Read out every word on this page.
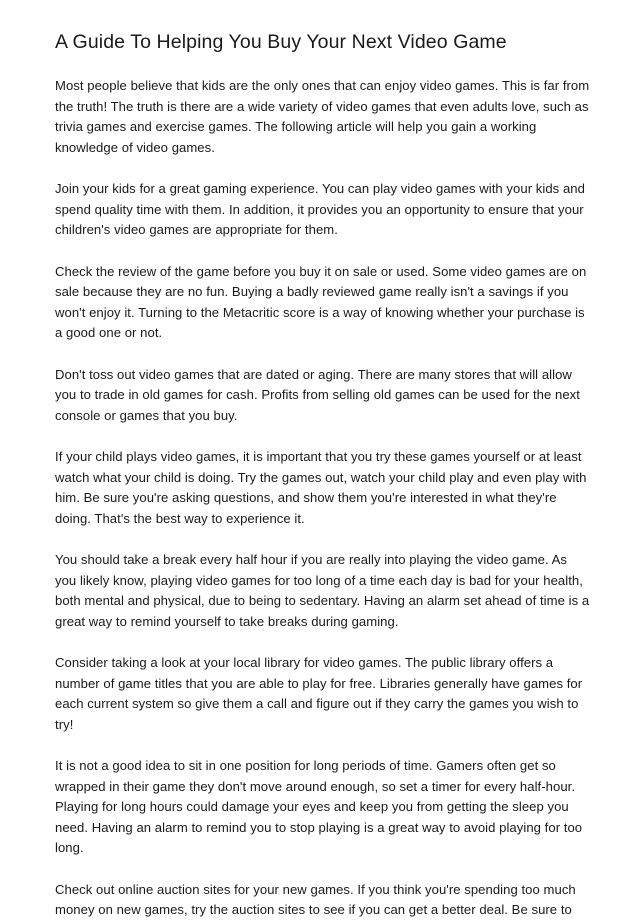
A Guide To Helping You Buy Your Next Video Game

Most people believe that kids are the only ones that can enjoy video games. This is far from the truth! The truth is there are a wide variety of video games that even adults love, such as trivia games and exercise games. The following article will help you gain a working knowledge of video games.

Join your kids for a great gaming experience. You can play video games with your kids and spend quality time with them. In addition, it provides you an opportunity to ensure that your children's video games are appropriate for them.

Check the review of the game before you buy it on sale or used. Some video games are on sale because they are no fun. Buying a badly reviewed game really isn't a savings if you won't enjoy it. Turning to the Metacritic score is a way of knowing whether your purchase is a good one or not.

Don't toss out video games that are dated or aging. There are many stores that will allow you to trade in old games for cash. Profits from selling old games can be used for the next console or games that you buy.

If your child plays video games, it is important that you try these games yourself or at least watch what your child is doing. Try the games out, watch your child play and even play with him. Be sure you're asking questions, and show them you're interested in what they're doing. That's the best way to experience it.

You should take a break every half hour if you are really into playing the video game. As you likely know, playing video games for too long of a time each day is bad for your health, both mental and physical, due to being to sedentary. Having an alarm set ahead of time is a great way to remind yourself to take breaks during gaming.

Consider taking a look at your local library for video games. The public library offers a number of game titles that you are able to play for free. Libraries generally have games for each current system so give them a call and figure out if they carry the games you wish to try!

It is not a good idea to sit in one position for long periods of time. Gamers often get so wrapped in their game they don't move around enough, so set a timer for every half-hour. Playing for long hours could damage your eyes and keep you from getting the sleep you need. Having an alarm to remind you to stop playing is a great way to avoid playing for too long.

Check out online auction sites for your new games. If you think you're spending too much money on new games, try the auction sites to see if you can get a better deal. Be sure to
